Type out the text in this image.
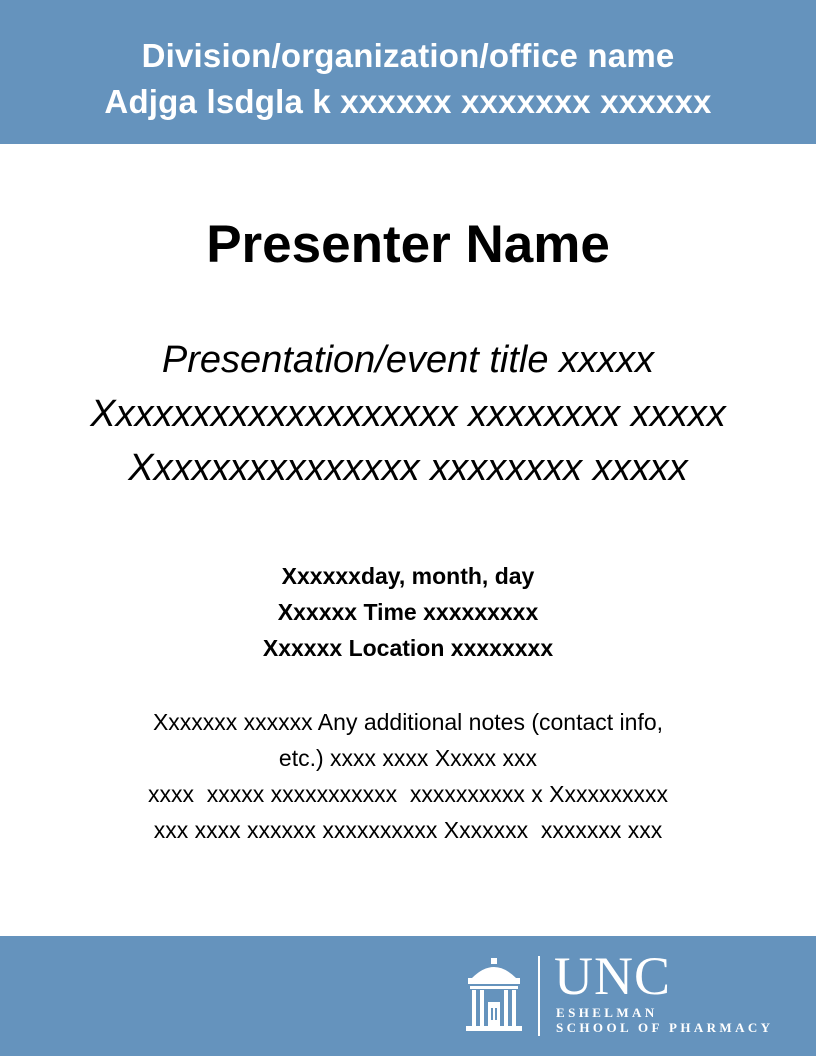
Division/organization/office name
Adjga lsdgla k xxxxxx xxxxxxx xxxxxx
Presenter Name
Presentation/event title xxxxx
Xxxxxxxxxxxxxxxxxxx xxxxxxxx xxxxx
Xxxxxxxxxxxxxxx xxxxxxxx xxxxx
Xxxxxxday, month, day
Xxxxxx Time xxxxxxxxx
Xxxxxx Location xxxxxxxx
Xxxxxxx xxxxxx Any additional notes (contact info,
etc.) xxxx xxxx Xxxxx xxx
xxxx  xxxxx xxxxxxxxxxx  xxxxxxxxxx x Xxxxxxxxxx
xxx xxxx xxxxxx xxxxxxxxxx Xxxxxxx  xxxxxxx xxx
UNC
ESHELMAN
SCHOOL OF PHARMACY
